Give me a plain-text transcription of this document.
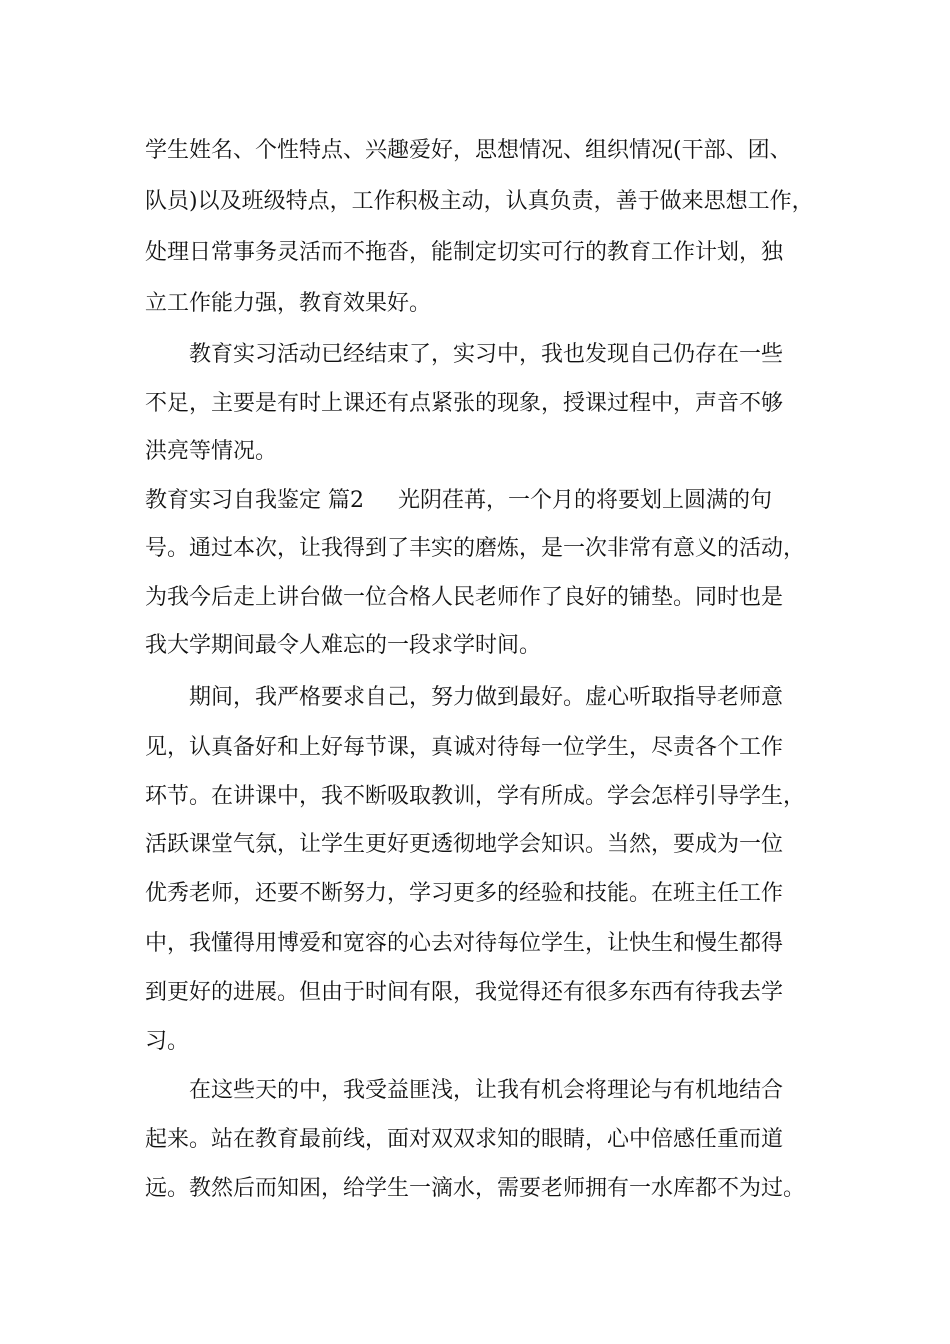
学生姓名、个性特点、兴趣爱好，思想情况、组织情况(干部、团、
队员)以及班级特点，工作积极主动，认真负责，善于做来思想工作，
处理日常事务灵活而不拖沓，能制定切实可行的教育工作计划，独
立工作能力强，教育效果好。
　　教育实习活动已经结束了，实习中，我也发现自己仍存在一些
不足，主要是有时上课还有点紧张的现象，授课过程中，声音不够
洪亮等情况。
教育实习自我鉴定 篇2 光阴荏苒，一个月的将要划上圆满的句
号。通过本次，让我得到了丰实的磨炼，是一次非常有意义的活动，
为我今后走上讲台做一位合格人民老师作了良好的铺垫。同时也是
我大学期间最令人难忘的一段求学时间。
　　期间，我严格要求自己，努力做到最好。虚心听取指导老师意
见，认真备好和上好每节课，真诚对待每一位学生，尽责各个工作
环节。在讲课中，我不断吸取教训，学有所成。学会怎样引导学生，
活跃课堂气氛，让学生更好更透彻地学会知识。当然，要成为一位
优秀老师，还要不断努力，学习更多的经验和技能。在班主任工作
中，我懂得用博爱和宽容的心去对待每位学生，让快生和慢生都得
到更好的进展。但由于时间有限，我觉得还有很多东西有待我去学
习。
　　在这些天的中，我受益匪浅，让我有机会将理论与有机地结合
起来。站在教育最前线，面对双双求知的眼睛，心中倍感任重而道
远。教然后而知困，给学生一滴水，需要老师拥有一水库都不为过。
